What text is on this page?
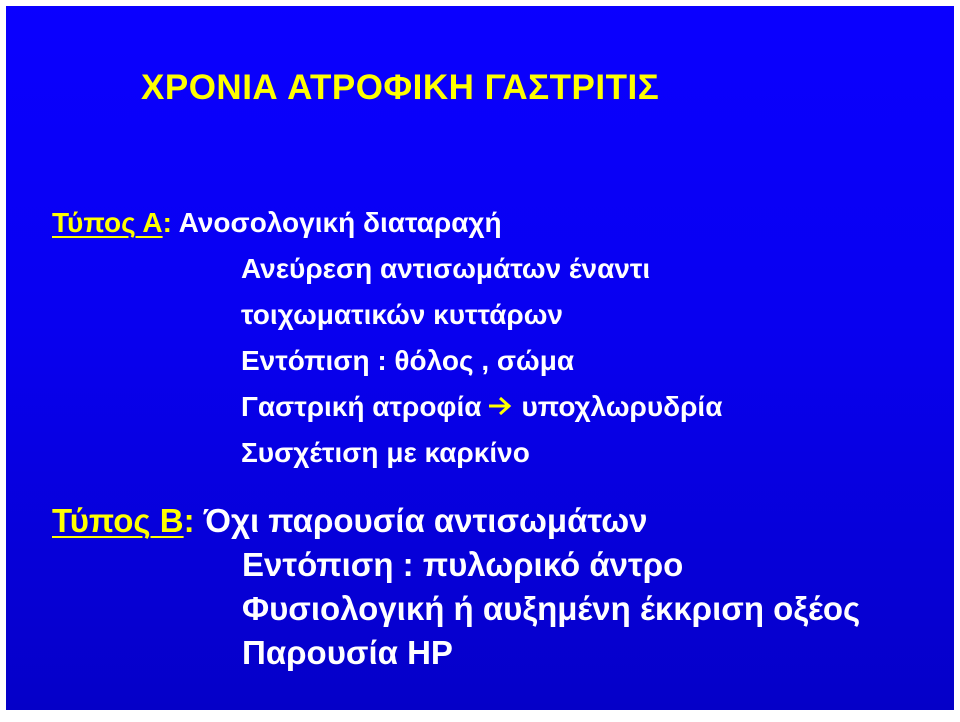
ΧΡΟΝΙΑ ΑΤΡΟΦΙΚΗ ΓΑΣΤΡΙΤΙΣ
Τύπος Α: Ανοσολογική διαταραχή
Ανεύρεση αντισωμάτων έναντι
τοιχωματικών κυττάρων
Εντόπιση : θόλος , σώμα
Γαστρική ατροφία υποχλωρυδρία
Συσχέτιση με καρκίνο
Τύπος Β: Όχι παρουσία αντισωμάτων
Εντόπιση : πυλωρικό άντρο
Φυσιολογική ή αυξημένη έκκριση οξέος
Παρουσία HP
